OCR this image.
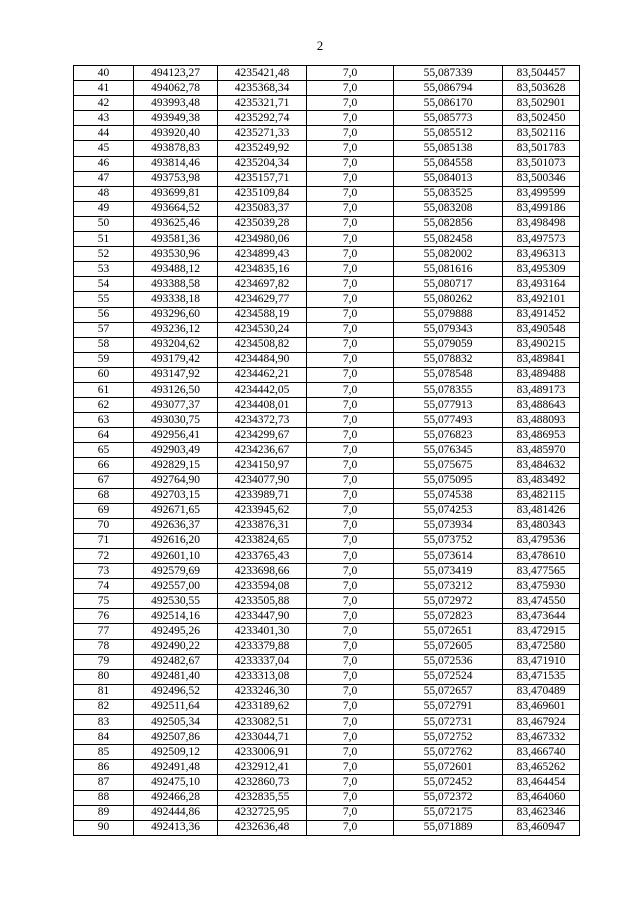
2
40	494123,27	4235421,48	7,0	55,087339	83,504457
41	494062,78	4235368,34	7,0	55,086794	83,503628
42	493993,48	4235321,71	7,0	55,086170	83,502901
43	493949,38	4235292,74	7,0	55,085773	83,502450
44	493920,40	4235271,33	7,0	55,085512	83,502116
45	493878,83	4235249,92	7,0	55,085138	83,501783
46	493814,46	4235204,34	7,0	55,084558	83,501073
47	493753,98	4235157,71	7,0	55,084013	83,500346
48	493699,81	4235109,84	7,0	55,083525	83,499599
49	493664,52	4235083,37	7,0	55,083208	83,499186
50	493625,46	4235039,28	7,0	55,082856	83,498498
51	493581,36	4234980,06	7,0	55,082458	83,497573
52	493530,96	4234899,43	7,0	55,082002	83,496313
53	493488,12	4234835,16	7,0	55,081616	83,495309
54	493388,58	4234697,82	7,0	55,080717	83,493164
55	493338,18	4234629,77	7,0	55,080262	83,492101
56	493296,60	4234588,19	7,0	55,079888	83,491452
57	493236,12	4234530,24	7,0	55,079343	83,490548
58	493204,62	4234508,82	7,0	55,079059	83,490215
59	493179,42	4234484,90	7,0	55,078832	83,489841
60	493147,92	4234462,21	7,0	55,078548	83,489488
61	493126,50	4234442,05	7,0	55,078355	83,489173
62	493077,37	4234408,01	7,0	55,077913	83,488643
63	493030,75	4234372,73	7,0	55,077493	83,488093
64	492956,41	4234299,67	7,0	55,076823	83,486953
65	492903,49	4234236,67	7,0	55,076345	83,485970
66	492829,15	4234150,97	7,0	55,075675	83,484632
67	492764,90	4234077,90	7,0	55,075095	83,483492
68	492703,15	4233989,71	7,0	55,074538	83,482115
69	492671,65	4233945,62	7,0	55,074253	83,481426
70	492636,37	4233876,31	7,0	55,073934	83,480343
71	492616,20	4233824,65	7,0	55,073752	83,479536
72	492601,10	4233765,43	7,0	55,073614	83,478610
73	492579,69	4233698,66	7,0	55,073419	83,477565
74	492557,00	4233594,08	7,0	55,073212	83,475930
75	492530,55	4233505,88	7,0	55,072972	83,474550
76	492514,16	4233447,90	7,0	55,072823	83,473644
77	492495,26	4233401,30	7,0	55,072651	83,472915
78	492490,22	4233379,88	7,0	55,072605	83,472580
79	492482,67	4233337,04	7,0	55,072536	83,471910
80	492481,40	4233313,08	7,0	55,072524	83,471535
81	492496,52	4233246,30	7,0	55,072657	83,470489
82	492511,64	4233189,62	7,0	55,072791	83,469601
83	492505,34	4233082,51	7,0	55,072731	83,467924
84	492507,86	4233044,71	7,0	55,072752	83,467332
85	492509,12	4233006,91	7,0	55,072762	83,466740
86	492491,48	4232912,41	7,0	55,072601	83,465262
87	492475,10	4232860,73	7,0	55,072452	83,464454
88	492466,28	4232835,55	7,0	55,072372	83,464060
89	492444,86	4232725,95	7,0	55,072175	83,462346
90	492413,36	4232636,48	7,0	55,071889	83,460947
